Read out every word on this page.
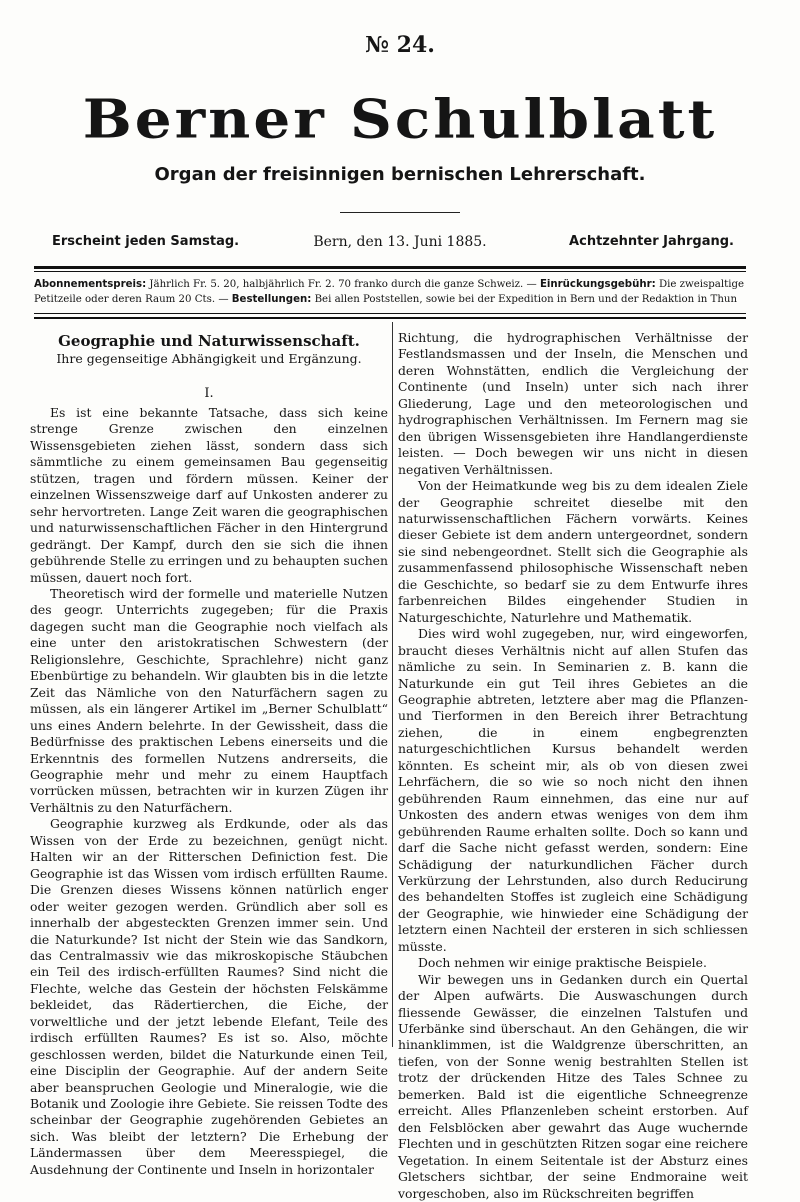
№ 24.
Berner Schulblatt
Organ der freisinnigen bernischen Lehrerschaft.
Erscheint jeden Samstag.	Bern, den 13. Juni 1885.	Achtzehnter Jahrgang.
Abonnementspreis: Jährlich Fr. 5. 20, halbjährlich Fr. 2. 70 franko durch die ganze Schweiz. — Einrückungsgebühr: Die zweispaltige
Petitzeile oder deren Raum 20 Cts. — Bestellungen: Bei allen Poststellen, sowie bei der Expedition in Bern und der Redaktion in Thun
Geographie und Naturwissenschaft.
Ihre gegenseitige Abhängigkeit und Ergänzung.
I.

Es ist eine bekannte Tatsache, dass sich keine strenge Grenze zwischen den einzelnen Wissensgebieten ziehen lässt, sondern dass sich sämmtliche zu einem gemeinsamen Bau gegenseitig stützen, tragen und fördern müssen. Keiner der einzelnen Wissenszweige darf auf Unkosten anderer zu sehr hervortreten. Lange Zeit waren die geographischen und naturwissenschaftlichen Fächer in den Hintergrund gedrängt. Der Kampf, durch den sie sich die ihnen gebührende Stelle zu erringen und zu behaupten suchen müssen, dauert noch fort.

Theoretisch wird der formelle und materielle Nutzen des geogr. Unterrichts zugegeben; für die Praxis dagegen sucht man die Geographie noch vielfach als eine unter den aristokratischen Schwestern (der Religionslehre, Geschichte, Sprachlehre) nicht ganz Ebenbürtige zu behandeln. Wir glaubten bis in die letzte Zeit das Nämliche von den Naturfächern sagen zu müssen, als ein längerer Artikel im „Berner Schulblatt“ uns eines Andern belehrte. In der Gewissheit, dass die Bedürfnisse des praktischen Lebens einerseits und die Erkenntnis des formellen Nutzens andrerseits, die Geographie mehr und mehr zu einem Hauptfach vorrücken müssen, betrachten wir in kurzen Zügen ihr Verhältnis zu den Naturfächern.

Geographie kurzweg als Erdkunde, oder als das Wissen von der Erde zu bezeichnen, genügt nicht. Halten wir an der Ritterschen Definiction fest. Die Geographie ist das Wissen vom irdisch erfüllten Raume. Die Grenzen dieses Wissens können natürlich enger oder weiter gezogen werden. Gründlich aber soll es innerhalb der abgesteckten Grenzen immer sein. Und die Naturkunde? Ist nicht der Stein wie das Sandkorn, das Centralmassiv wie das mikroskopische Stäubchen ein Teil des irdisch-erfüllten Raumes? Sind nicht die Flechte, welche das Gestein der höchsten Felskämme bekleidet, das Rädertierchen, die Eiche, der vorweltliche und der jetzt lebende Elefant, Teile des irdisch erfüllten Raumes? Es ist so. Also, möchte geschlossen werden, bildet die Naturkunde einen Teil, eine Disciplin der Geographie. Auf der andern Seite aber beanspruchen Geologie und Mineralogie, wie die Botanik und Zoologie ihre Gebiete. Sie reissen Todte des scheinbar der Geographie zugehörenden Gebietes an sich. Was bleibt der letztern? Die Erhebung der Ländermassen über dem Meeresspiegel, die Ausdehnung der Continente und Inseln in horizontaler

Richtung, die hydrographischen Verhältnisse der Festlandsmassen und der Inseln, die Menschen und deren Wohnstätten, endlich die Vergleichung der Continente (und Inseln) unter sich nach ihrer Gliederung, Lage und den meteorologischen und hydrographischen Verhältnissen. Im Fernern mag sie den übrigen Wissensgebieten ihre Handlangerdienste leisten. — Doch bewegen wir uns nicht in diesen negativen Verhältnissen.

Von der Heimatkunde weg bis zu dem idealen Ziele der Geographie schreitet dieselbe mit den naturwissenschaftlichen Fächern vorwärts. Keines dieser Gebiete ist dem andern untergeordnet, sondern sie sind nebengeordnet. Stellt sich die Geographie als zusammenfassend philosophische Wissenschaft neben die Geschichte, so bedarf sie zu dem Entwurfe ihres farbenreichen Bildes eingehender Studien in Naturgeschichte, Naturlehre und Mathematik.

Dies wird wohl zugegeben, nur, wird eingeworfen, braucht dieses Verhältnis nicht auf allen Stufen das nämliche zu sein. In Seminarien z. B. kann die Naturkunde ein gut Teil ihres Gebietes an die Geographie abtreten, letztere aber mag die Pflanzen- und Tierformen in den Bereich ihrer Betrachtung ziehen, die in einem engbegrenzten naturgeschichtlichen Kursus behandelt werden könnten. Es scheint mir, als ob von diesen zwei Lehrfächern, die so wie so noch nicht den ihnen gebührenden Raum einnehmen, das eine nur auf Unkosten des andern etwas weniges von dem ihm gebührenden Raume erhalten sollte. Doch so kann und darf die Sache nicht gefasst werden, sondern: Eine Schädigung der naturkundlichen Fächer durch Verkürzung der Lehrstunden, also durch Reducirung des behandelten Stoffes ist zugleich eine Schädigung der Geographie, wie hinwieder eine Schädigung der letztern einen Nachteil der ersteren in sich schliessen müsste.

Doch nehmen wir einige praktische Beispiele.

Wir bewegen uns in Gedanken durch ein Quertal der Alpen aufwärts. Die Auswaschungen durch fliessende Gewässer, die einzelnen Talstufen und Uferbänke sind überschaut. An den Gehängen, die wir hinanklimmen, ist die Waldgrenze überschritten, an tiefen, von der Sonne wenig bestrahlten Stellen ist trotz der drückenden Hitze des Tales Schnee zu bemerken. Bald ist die eigentliche Schneegrenze erreicht. Alles Pflanzenleben scheint erstorben. Auf den Felsblöcken aber gewahrt das Auge wuchernde Flechten und in geschützten Ritzen sogar eine reichere Vegetation. In einem Seitentale ist der Absturz eines Gletschers sichtbar, der seine Endmoraine weit vorgeschoben, also im Rückschreiten begriffen
